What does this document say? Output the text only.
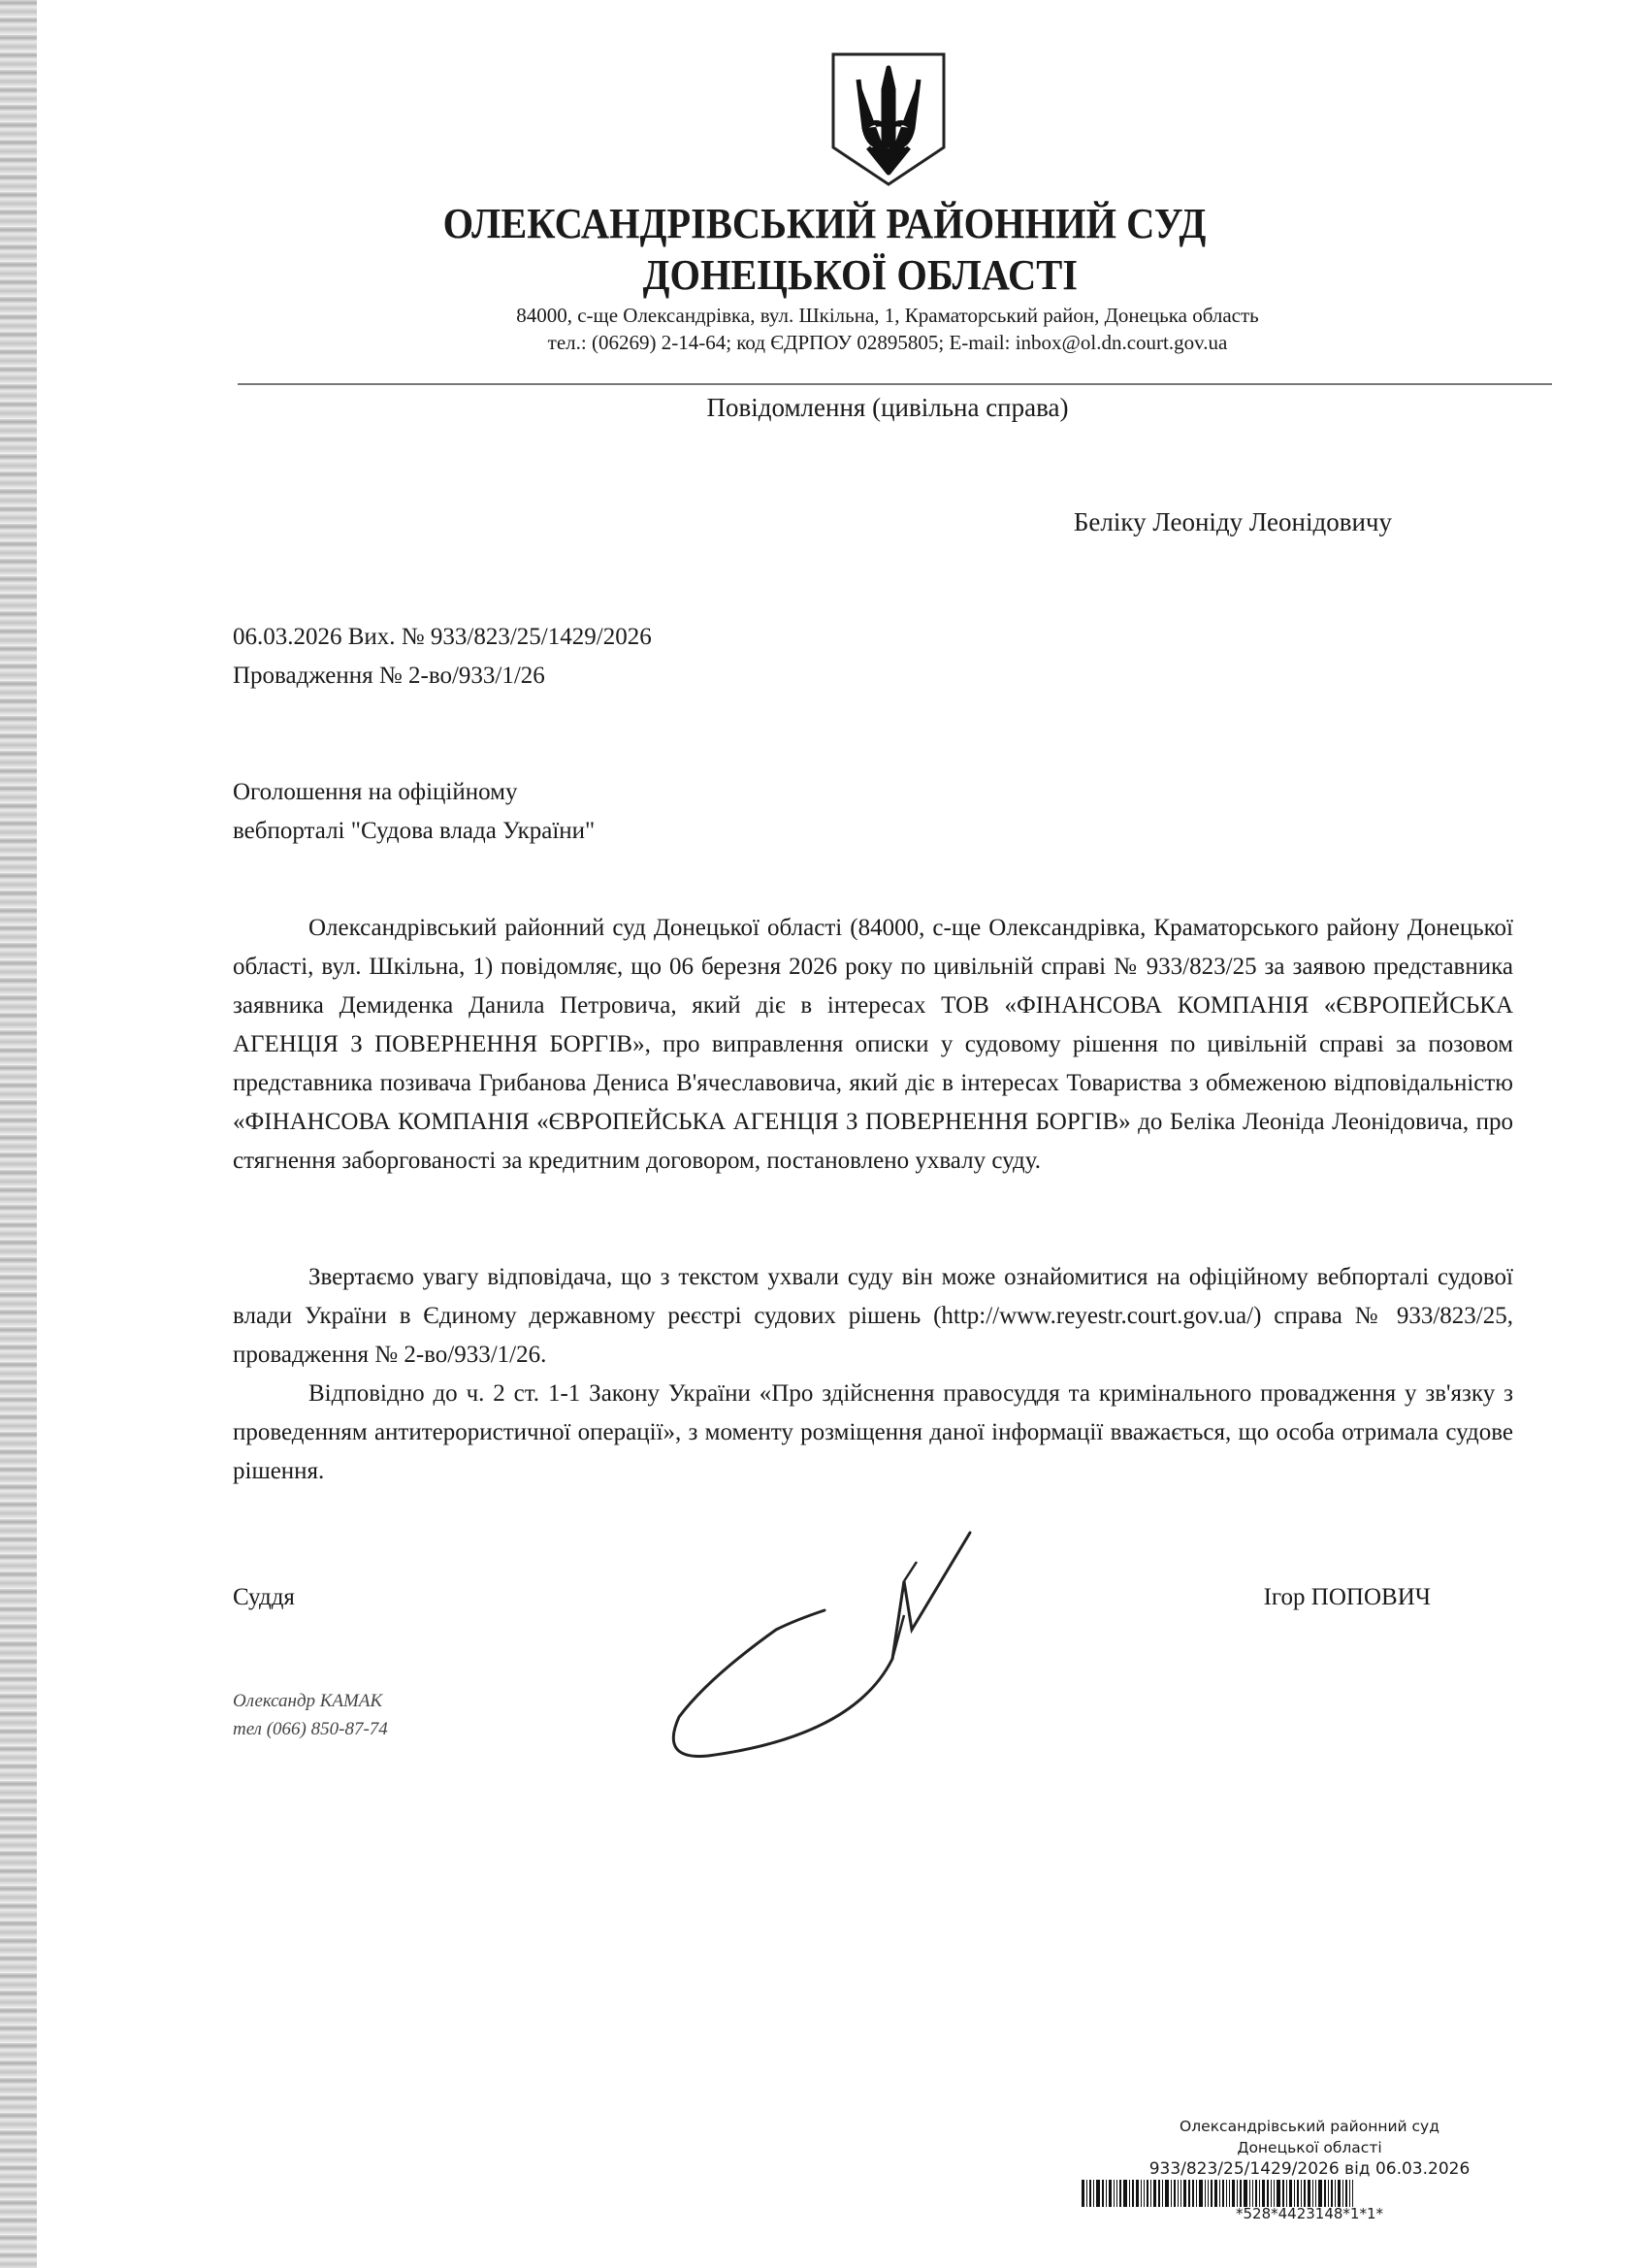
ОЛЕКСАНДРІВСЬКИЙ РАЙОННИЙ СУД
ДОНЕЦЬКОЇ ОБЛАСТІ
84000, с-ще Олександрівка, вул. Шкільна, 1, Краматорський район, Донецька область
тел.: (06269) 2-14-64; код ЄДРПОУ 02895805; E-mail: inbox@ol.dn.court.gov.ua
Повідомлення (цивільна справа)
Беліку Леоніду Леонідовичу
06.03.2026 Вих. № 933/823/25/1429/2026
Провадження № 2-во/933/1/26
Оголошення на офіційному
вебпорталі "Судова влада України"
Олександрівський районний суд Донецької області (84000, с-ще Олександрівка, Краматорського району Донецької області, вул. Шкільна, 1) повідомляє, що 06 березня 2026 року по цивільній справі № 933/823/25 за заявою представника заявника Демиденка Данила Петровича, який діє в інтересах ТОВ «ФІНАНСОВА КОМПАНІЯ «ЄВРОПЕЙСЬКА АГЕНЦІЯ З ПОВЕРНЕННЯ БОРГІВ», про виправлення описки у судовому рішення по цивільній справі за позовом представника позивача Грибанова Дениса В'ячеславовича, який діє в інтересах Товариства з обмеженою відповідальністю «ФІНАНСОВА КОМПАНІЯ «ЄВРОПЕЙСЬКА АГЕНЦІЯ З ПОВЕРНЕННЯ БОРГІВ» до Беліка Леоніда Леонідовича, про стягнення заборгованості за кредитним договором, постановлено ухвалу суду.
Звертаємо увагу відповідача, що з текстом ухвали суду він може ознайомитися на офіційному вебпорталі судової влади України в Єдиному державному реєстрі судових рішень (http://www.reyestr.court.gov.ua/) справа № 933/823/25, провадження № 2-во/933/1/26.
Відповідно до ч. 2 ст. 1-1 Закону України «Про здійснення правосуддя та кримінального провадження у зв'язку з проведенням антитерористичної операції», з моменту розміщення даної інформації вважається, що особа отримала судове рішення.
Суддя	Ігор ПОПОВИЧ
Олександр КАМАК
тел (066) 850-87-74
Олександрівський районний суд
Донецької області
933/823/25/1429/2026 від 06.03.2026
*528*4423148*1*1*
